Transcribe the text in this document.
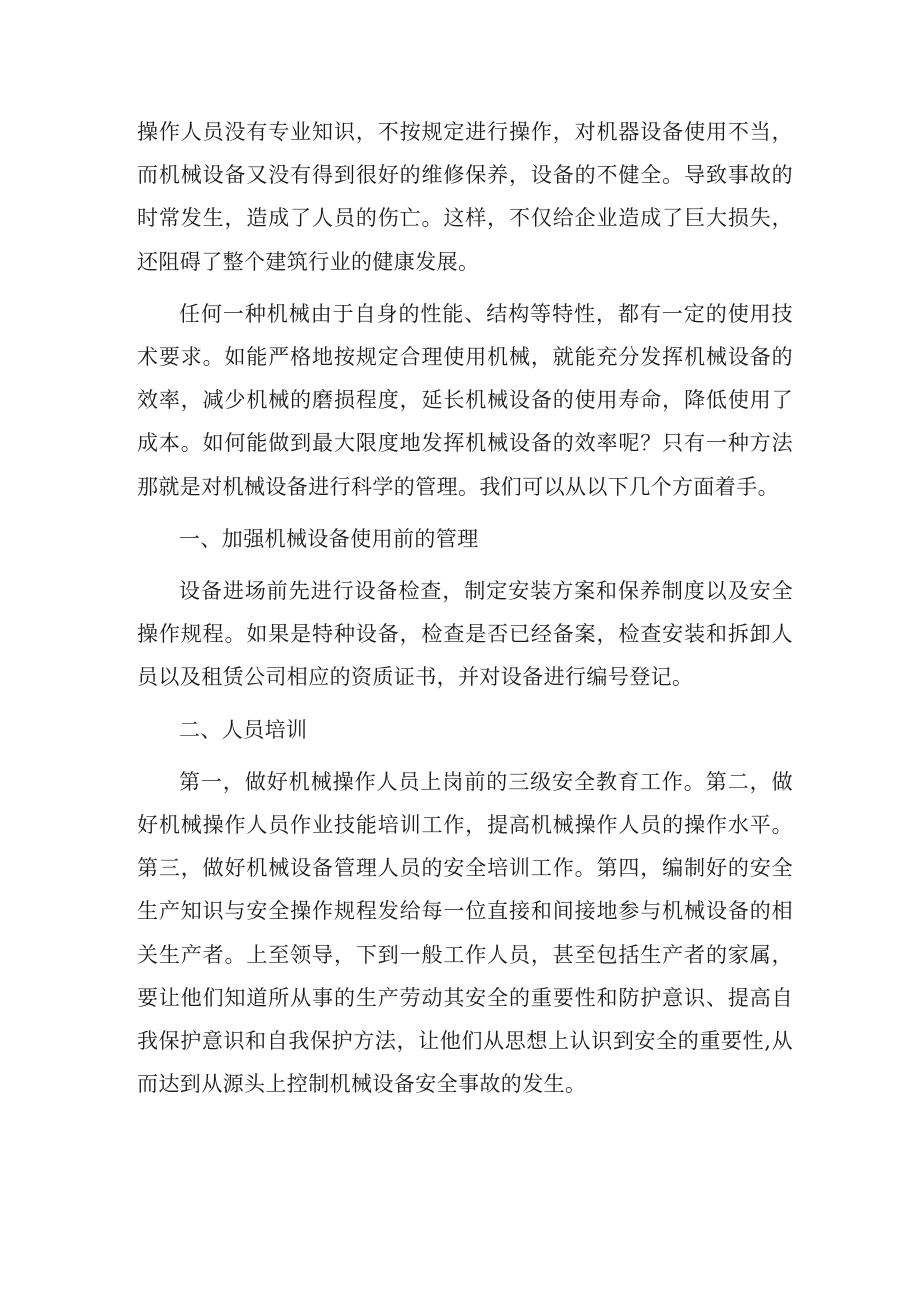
操作人员没有专业知识，不按规定进行操作，对机器设备使用不当，而机械设备又没有得到很好的维修保养，设备的不健全。导致事故的时常发生，造成了人员的伤亡。这样，不仅给企业造成了巨大损失，还阻碍了整个建筑行业的健康发展。

任何一种机械由于自身的性能、结构等特性，都有一定的使用技术要求。如能严格地按规定合理使用机械，就能充分发挥机械设备的效率，减少机械的磨损程度，延长机械设备的使用寿命，降低使用了成本。如何能做到最大限度地发挥机械设备的效率呢？只有一种方法那就是对机械设备进行科学的管理。我们可以从以下几个方面着手。

一、加强机械设备使用前的管理

设备进场前先进行设备检查，制定安装方案和保养制度以及安全操作规程。如果是特种设备，检查是否已经备案，检查安装和拆卸人员以及租赁公司相应的资质证书，并对设备进行编号登记。

二、人员培训

第一，做好机械操作人员上岗前的三级安全教育工作。第二，做好机械操作人员作业技能培训工作，提高机械操作人员的操作水平。第三，做好机械设备管理人员的安全培训工作。第四，编制好的安全生产知识与安全操作规程发给每一位直接和间接地参与机械设备的相关生产者。上至领导，下到一般工作人员，甚至包括生产者的家属，要让他们知道所从事的生产劳动其安全的重要性和防护意识、提高自我保护意识和自我保护方法，让他们从思想上认识到安全的重要性,从而达到从源头上控制机械设备安全事故的发生。
